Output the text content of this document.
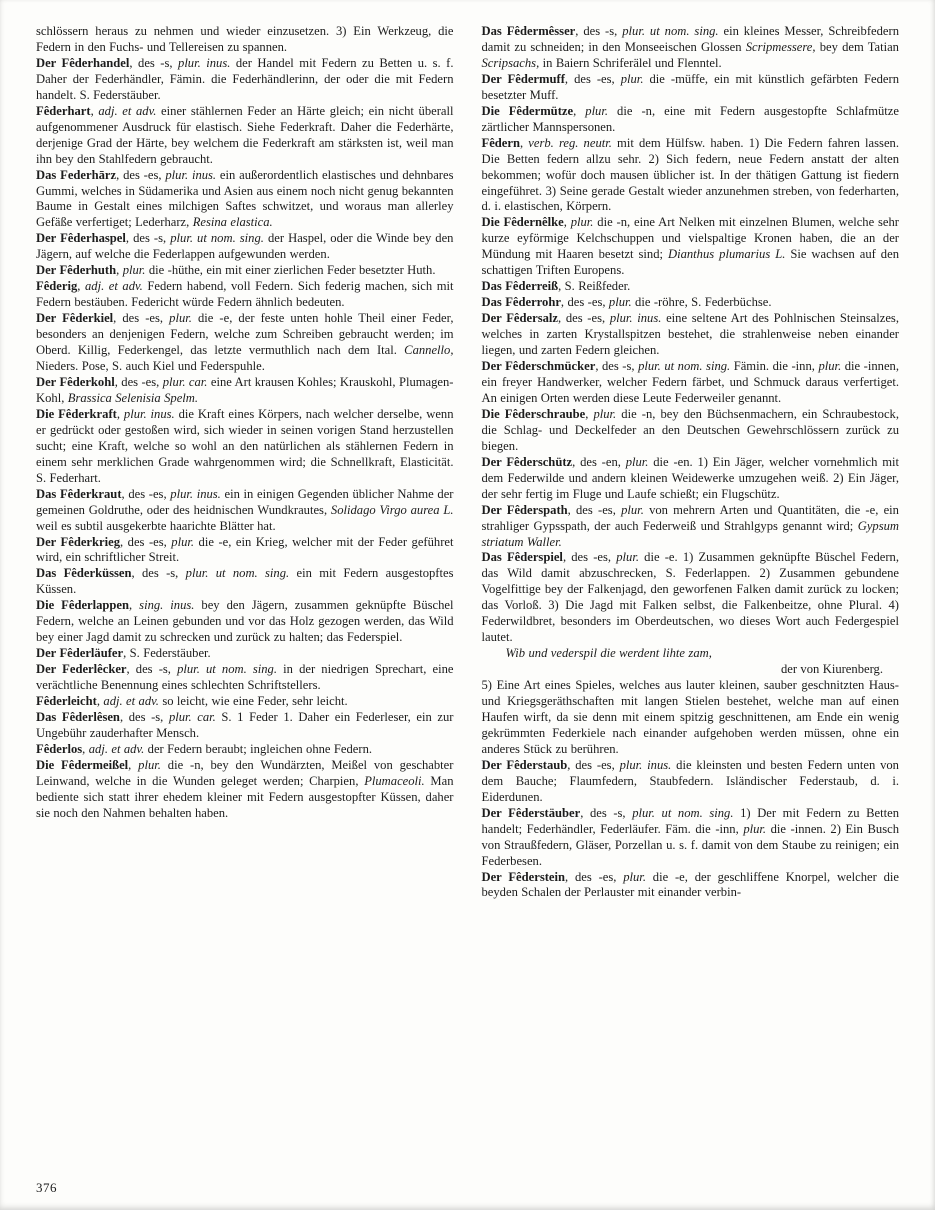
schlössern heraus zu nehmen und wieder einzusetzen. 3) Ein Werkzeug, die Federn in den Fuchs- und Tellereisen zu spannen.

Der Fêderhandel, des -s, plur. inus. der Handel mit Federn zu Betten u. s. f. Daher der Federhändler, Fämin. die Federhändlerinn, der oder die mit Federn handelt. S. Federstäuber.

Fêderhart, adj. et adv. einer stählernen Feder an Härte gleich; ein nicht überall aufgenommener Ausdruck für elastisch. Siehe Federkraft. Daher die Federhärte, derjenige Grad der Härte, bey welchem die Federkraft am stärksten ist, weil man ihn bey den Stahlfedern gebraucht.

Das Federhārz, des -es, plur. inus. ein außerordentlich elastisches und dehnbares Gummi, welches in Südamerika und Asien aus einem noch nicht genug bekannten Baume in Gestalt eines milchigen Saftes schwitzet, und woraus man allerley Gefäße verfertiget; Lederharz, Resina elastica.

Der Fêderhaspel, des -s, plur. ut nom. sing. der Haspel, oder die Winde bey den Jägern, auf welche die Federlappen aufgewunden werden.

Der Fêderhuth, plur. die -hüthe, ein mit einer zierlichen Feder besetzter Huth.

Fêderig, adj. et adv. Federn habend, voll Federn. Sich federig machen, sich mit Federn bestäuben. Federicht würde Federn ähnlich bedeuten.

Der Fêderkiel, des -es, plur. die -e, der feste unten hohle Theil einer Feder, besonders an denjenigen Federn, welche zum Schreiben gebraucht werden; im Oberd. Killig, Federkengel, das letzte vermuthlich nach dem Ital. Cannello, Nieders. Pose, S. auch Kiel und Federspuhle.

Der Fêderkohl, des -es, plur. car. eine Art krausen Kohles; Krauskohl, Plumagen-Kohl, Brassica Selenisia Spelm.

Die Fêderkraft, plur. inus. die Kraft eines Körpers, nach welcher derselbe, wenn er gedrückt oder gestoßen wird, sich wieder in seinen vorigen Stand herzustellen sucht; eine Kraft, welche so wohl an den natürlichen als stählernen Federn in einem sehr merklichen Grade wahrgenommen wird; die Schnellkraft, Elasticität. S. Federhart.

Das Fêderkraut, des -es, plur. inus. ein in einigen Gegenden üblicher Nahme der gemeinen Goldruthe, oder des heidnischen Wundkrautes, Solidago Virgo aurea L. weil es subtil ausgekerbte haarichte Blätter hat.

Der Fêderkrieg, des -es, plur. die -e, ein Krieg, welcher mit der Feder geführet wird, ein schriftlicher Streit.

Das Fêderküssen, des -s, plur. ut nom. sing. ein mit Federn ausgestopftes Küssen.

Die Fêderlappen, sing. inus. bey den Jägern, zusammen geknüpfte Büschel Federn, welche an Leinen gebunden und vor das Holz gezogen werden, das Wild bey einer Jagd damit zu schrecken und zurück zu halten; das Federspiel.

Der Fêderläufer, S. Federstäuber.

Der Federlêcker, des -s, plur. ut nom. sing. in der niedrigen Sprechart, eine verächtliche Benennung eines schlechten Schriftstellers.

Fêderleicht, adj. et adv. so leicht, wie eine Feder, sehr leicht.

Das Fêderlêsen, des -s, plur. car. S. 1 Feder 1. Daher ein Federleser, ein zur Ungebühr zauderhafter Mensch.

Fêderlos, adj. et adv. der Federn beraubt; ingleichen ohne Federn.

Die Fêdermeißel, plur. die -n, bey den Wundärzten, Meißel von geschabter Leinwand, welche in die Wunden geleget werden; Charpien, Plumaceoli. Man bediente sich statt ihrer ehedem kleiner mit Federn ausgestopfter Küssen, daher sie noch den Nahmen behalten haben.

Das Fêdermêsser, des -s, plur. ut nom. sing. ein kleines Messer, Schreibfedern damit zu schneiden; in den Monseeischen Glossen Scripmessere, bey dem Tatian Scripsachs, in Baiern Schriferälel und Flenntel.

Der Fêdermuff, des -es, plur. die -müffe, ein mit künstlich gefärbten Federn besetzter Muff.

Die Fêdermütze, plur. die -n, eine mit Federn ausgestopfte Schlafmütze zärtlicher Mannspersonen.

Fêdern, verb. reg. neutr. mit dem Hülfsw. haben. 1) Die Federn fahren lassen. Die Betten federn allzu sehr. 2) Sich federn, neue Federn anstatt der alten bekommen; wofür doch mausen üblicher ist. In der thätigen Gattung ist fiedern eingeführet. 3) Seine gerade Gestalt wieder anzunehmen streben, von federharten, d. i. elastischen, Körpern.

Die Fêdernêlke, plur. die -n, eine Art Nelken mit einzelnen Blumen, welche sehr kurze eyförmige Kelchschuppen und vielspaltige Kronen haben, die an der Mündung mit Haaren besetzt sind; Dianthus plumarius L. Sie wachsen auf den schattigen Triften Europens.

Das Fêderreiß, S. Reißfeder.

Das Fêderrohr, des -es, plur. die -röhre, S. Federbüchse.

Der Fêdersalz, des -es, plur. inus. eine seltene Art des Pohlnischen Steinsalzes, welches in zarten Krystallspitzen bestehet, die strahlenweise neben einander liegen, und zarten Federn gleichen.

Der Fêderschmücker, des -s, plur. ut nom. sing. Fämin. die -inn, plur. die -innen, ein freyer Handwerker, welcher Federn färbet, und Schmuck daraus verfertiget. An einigen Orten werden diese Leute Federweiler genannt.

Die Fêderschraube, plur. die -n, bey den Büchsenmachern, ein Schraubestock, die Schlag- und Deckelfeder an den Deutschen Gewehrschlössern zurück zu biegen.

Der Fêderschütz, des -en, plur. die -en. 1) Ein Jäger, welcher vornehmlich mit dem Federwilde und andern kleinen Weidewerke umzugehen weiß. 2) Ein Jäger, der sehr fertig im Fluge und Laufe schießt; ein Flugschütz.

Der Fêderspath, des -es, plur. von mehrern Arten und Quantitäten, die -e, ein strahliger Gypsspath, der auch Federweiß und Strahlgyps genannt wird; Gypsum striatum Waller.

Das Fêderspiel, des -es, plur. die -e. 1) Zusammen geknüpfte Büschel Federn, das Wild damit abzuschrecken, S. Federlappen. 2) Zusammen gebundene Vogelfittige bey der Falkenjagd, den geworfenen Falken damit zurück zu locken; das Vorloß. 3) Die Jagd mit Falken selbst, die Falkenbeitze, ohne Plural. 4) Federwildbret, besonders im Oberdeutschen, wo dieses Wort auch Federgespiel lautet.

Wib und vederspil die werdent lihte zam,

der von Kiurenberg.

5) Eine Art eines Spieles, welches aus lauter kleinen, sauber geschnitzten Haus- und Kriegsgeräthschaften mit langen Stielen bestehet, welche man auf einen Haufen wirft, da sie denn mit einem spitzig geschnittenen, am Ende ein wenig gekrümmten Federkiele nach einander aufgehoben werden müssen, ohne ein anderes Stück zu berühren.

Der Fêderstaub, des -es, plur. inus. die kleinsten und besten Federn unten von dem Bauche; Flaumfedern, Staubfedern. Isländischer Federstaub, d. i. Eiderdunen.

Der Fêderstäuber, des -s, plur. ut nom. sing. 1) Der mit Federn zu Betten handelt; Federhändler, Federläufer. Fäm. die -inn, plur. die -innen. 2) Ein Busch von Straußfedern, Gläser, Porzellan u. s. f. damit von dem Staube zu reinigen; ein Federbesen.

Der Fêderstein, des -es, plur. die -e, der geschliffene Knorpel, welcher die beyden Schalen der Perlauster mit einander verbin-

376
